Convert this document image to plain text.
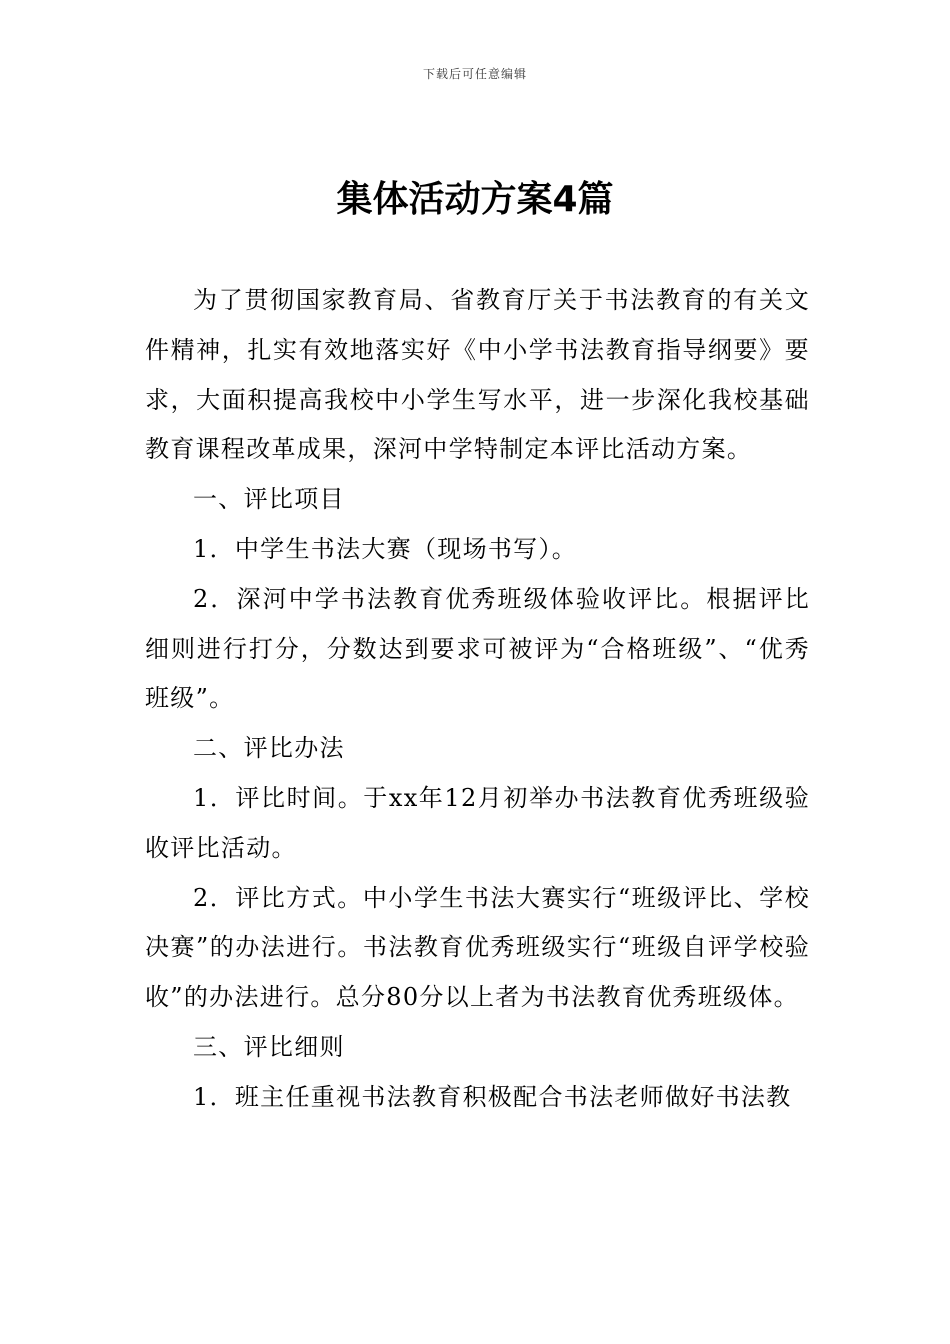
下载后可任意编辑
集体活动方案4篇

为了贯彻国家教育局、省教育厅关于书法教育的有关文件精神，扎实有效地落实好《中小学书法教育指导纲要》要求，大面积提高我校中小学生写水平，进一步深化我校基础教育课程改革成果，深河中学特制定本评比活动方案。

一、评比项目

1．中学生书法大赛（现场书写）。

2．深河中学书法教育优秀班级体验收评比。根据评比细则进行打分，分数达到要求可被评为“合格班级”、“优秀班级”。

二、评比办法

1．评比时间。于xx年12月初举办书法教育优秀班级验收评比活动。

2．评比方式。中小学生书法大赛实行“班级评比、学校决赛”的办法进行。书法教育优秀班级实行“班级自评学校验收”的办法进行。总分80分以上者为书法教育优秀班级体。

三、评比细则

1．班主任重视书法教育积极配合书法老师做好书法教
